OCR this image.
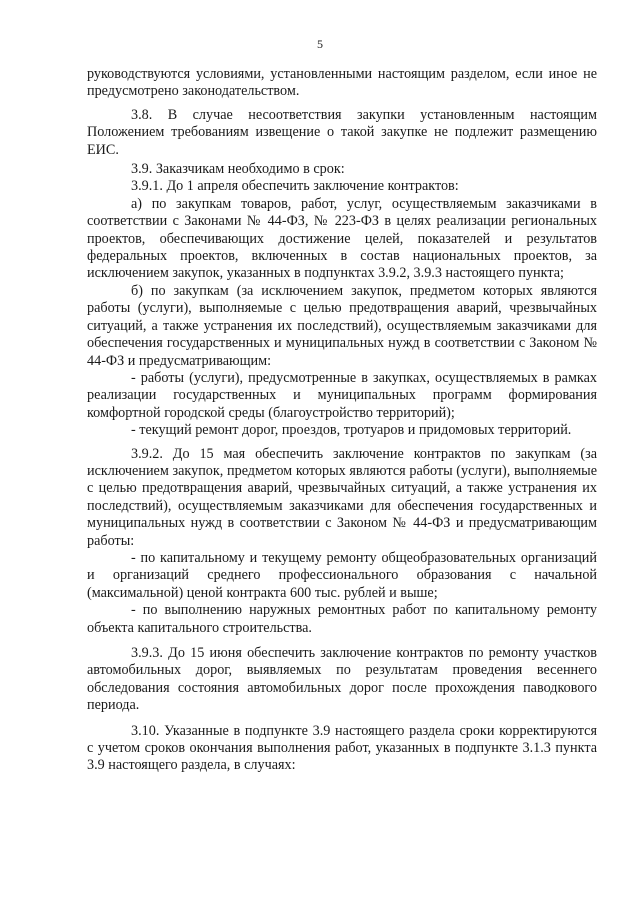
5

руководствуются условиями, установленными настоящим разделом, если иное не предусмотрено законодательством.

3.8. В случае несоответствия закупки установленным настоящим Положением требованиям извещение о такой закупке не подлежит размещению ЕИС.

3.9. Заказчикам необходимо в срок:

3.9.1. До 1 апреля обеспечить заключение контрактов:

а) по закупкам товаров, работ, услуг, осуществляемым заказчиками в соответствии с Законами № 44-ФЗ, № 223-ФЗ в целях реализации региональных проектов, обеспечивающих достижение целей, показателей и результатов федеральных проектов, включенных в состав национальных проектов, за исключением закупок, указанных в подпунктах 3.9.2, 3.9.3 настоящего пункта;

б) по закупкам (за исключением закупок, предметом которых являются работы (услуги), выполняемые с целью предотвращения аварий, чрезвычайных ситуаций, а также устранения их последствий), осуществляемым заказчиками для обеспечения государственных и муниципальных нужд в соответствии с Законом № 44-ФЗ и предусматривающим:

- работы (услуги), предусмотренные в закупках, осуществляемых в рамках реализации государственных и муниципальных программ формирования комфортной городской среды (благоустройство территорий);

- текущий ремонт дорог, проездов, тротуаров и придомовых территорий.

3.9.2. До 15 мая обеспечить заключение контрактов по закупкам (за исключением закупок, предметом которых являются работы (услуги), выполняемые с целью предотвращения аварий, чрезвычайных ситуаций, а также устранения их последствий), осуществляемым заказчиками для обеспечения государственных и муниципальных нужд в соответствии с Законом № 44-ФЗ и предусматривающим работы:

- по капитальному и текущему ремонту общеобразовательных организаций и организаций среднего профессионального образования с начальной (максимальной) ценой контракта 600 тыс. рублей и выше;

- по выполнению наружных ремонтных работ по капитальному ремонту объекта капитального строительства.

3.9.3. До 15 июня обеспечить заключение контрактов по ремонту участков автомобильных дорог, выявляемых по результатам проведения весеннего обследования состояния автомобильных дорог после прохождения паводкового периода.

3.10. Указанные в подпункте 3.9 настоящего раздела сроки корректируются с учетом сроков окончания выполнения работ, указанных в подпункте 3.1.3 пункта 3.9 настоящего раздела, в случаях:
